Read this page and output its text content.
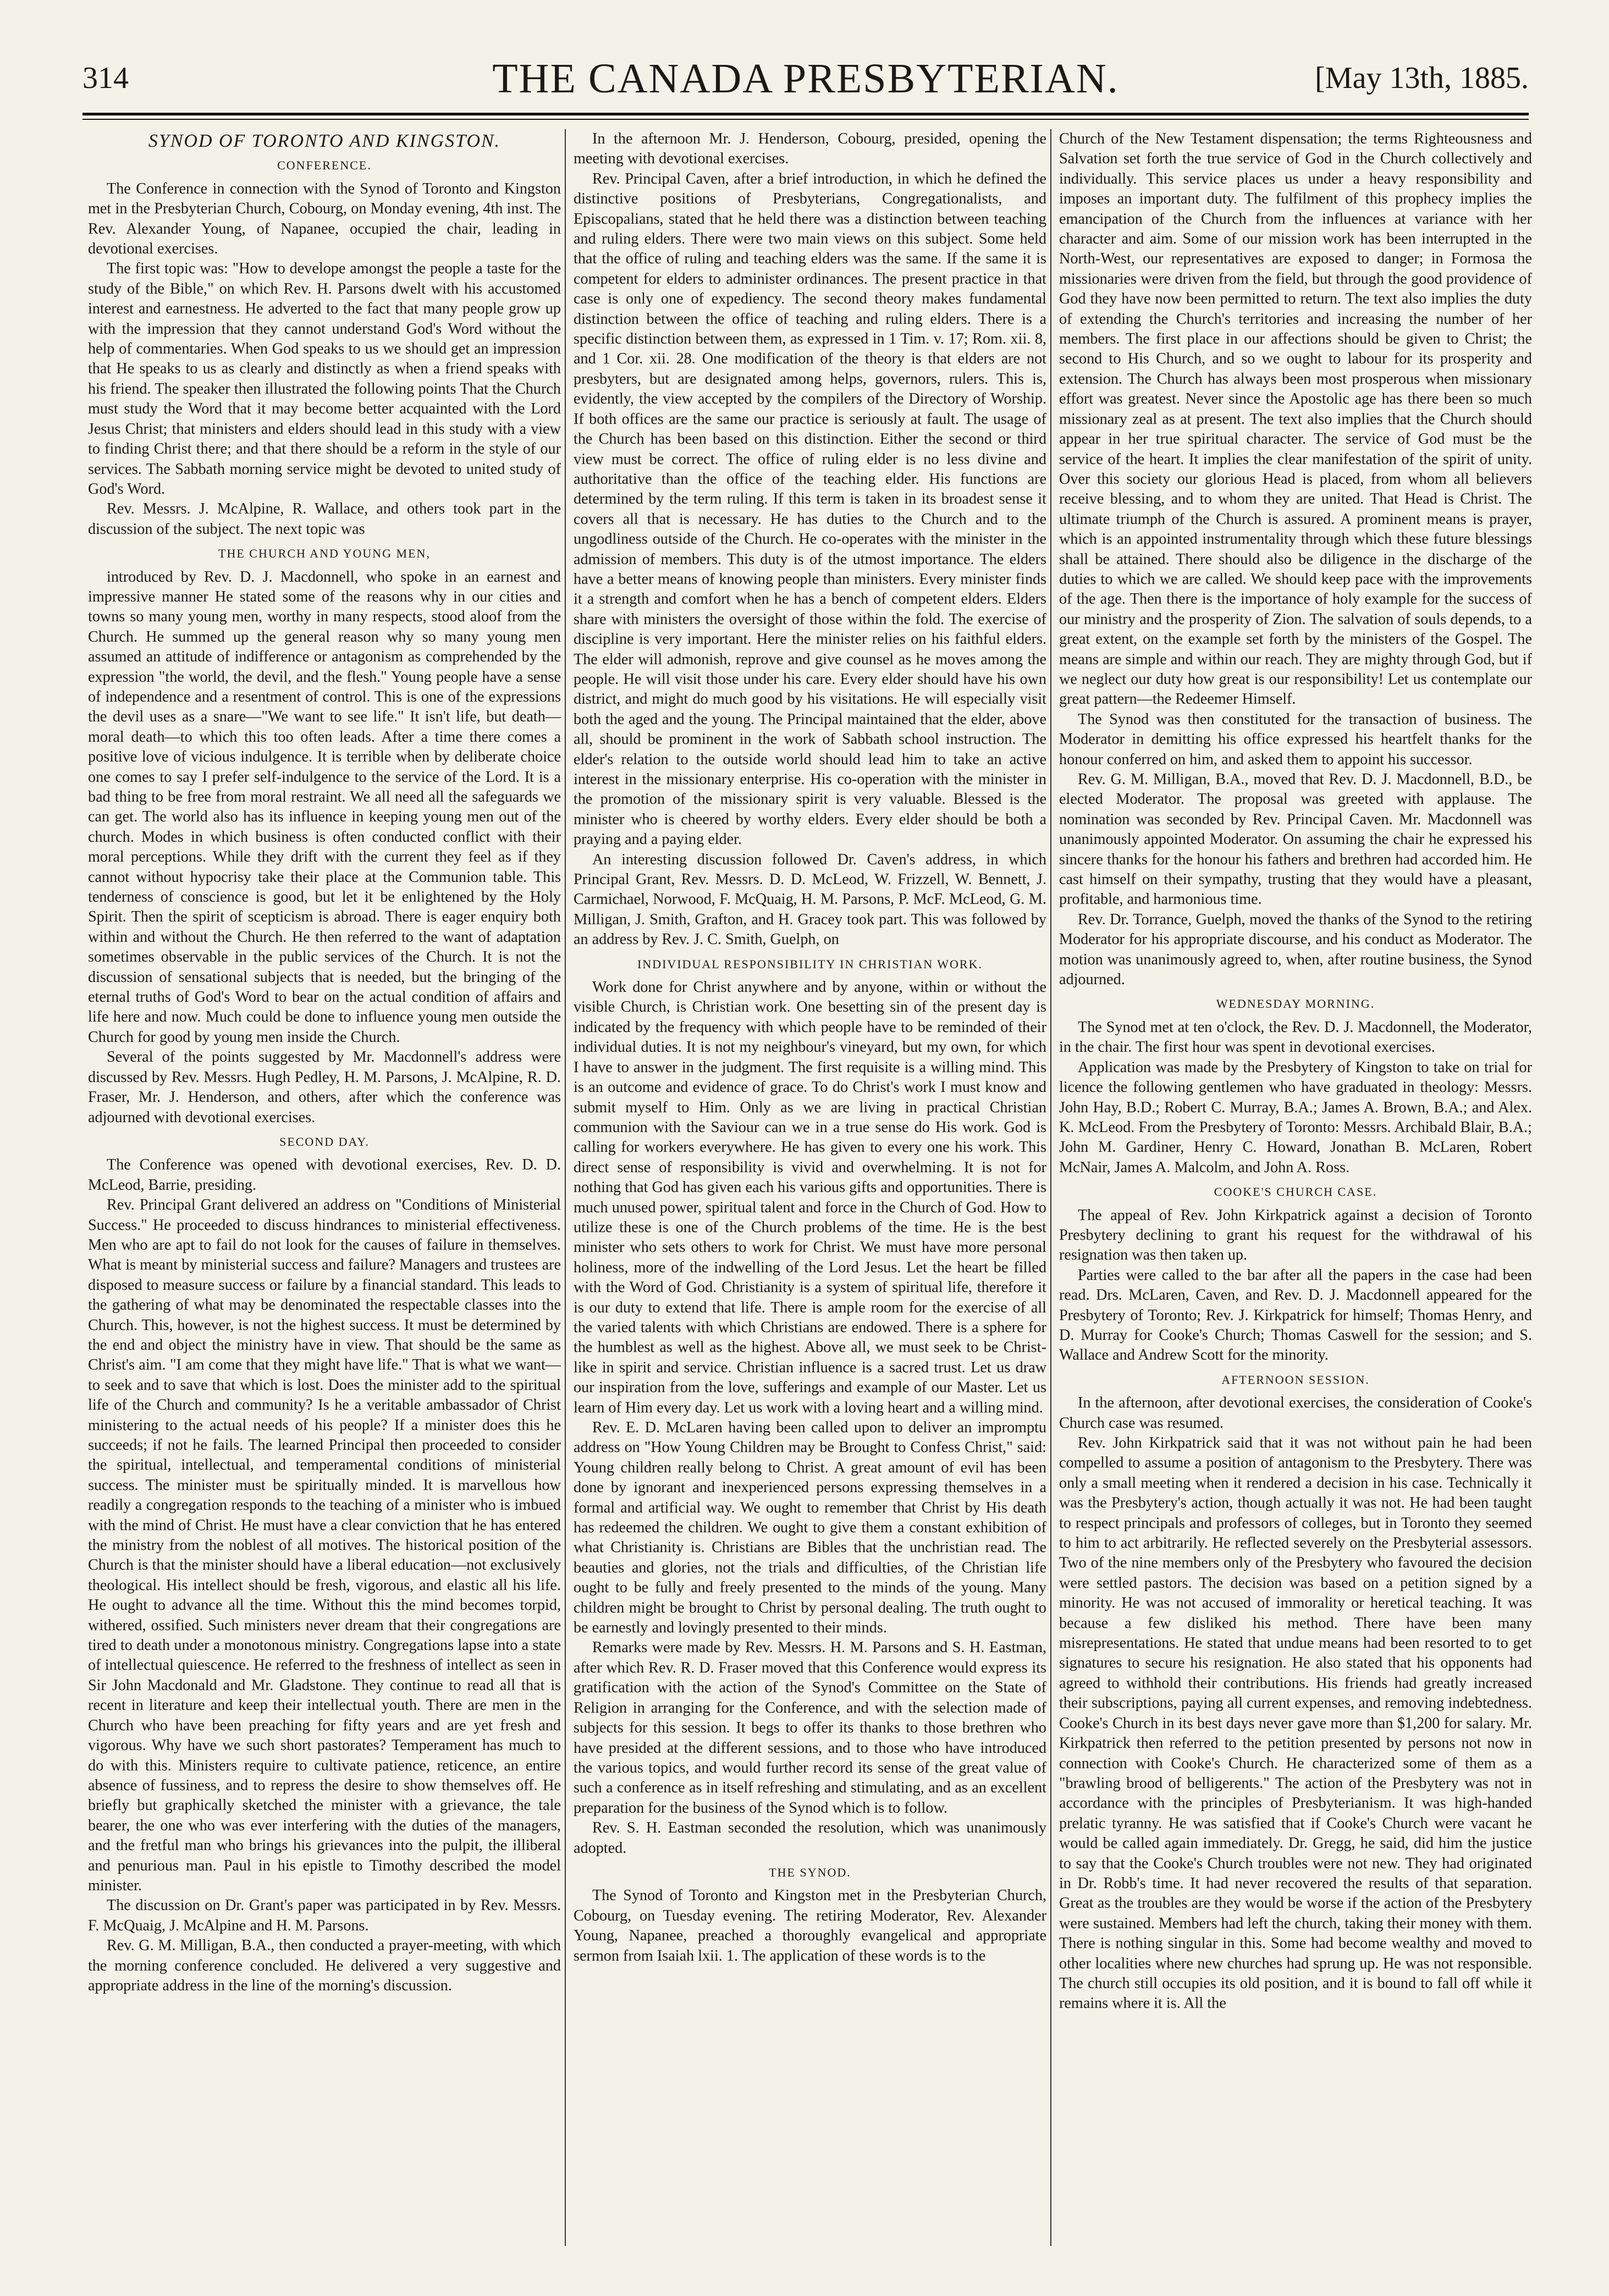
314	THE CANADA PRESBYTERIAN.	[May 13th, 1885.
SYNOD OF TORONTO AND KINGSTON.
CONFERENCE.

The Conference in connection with the Synod of Toronto and Kingston met in the Presbyterian Church, Cobourg, on Monday evening, 4th inst. The Rev. Alexander Young, of Napanee, occupied the chair, leading in devotional exercises.

The first topic was: "How to develope amongst the people a taste for the study of the Bible," on which Rev. H. Parsons dwelt with his accustomed interest and earnestness. He adverted to the fact that many people grow up with the impression that they cannot understand God's Word without the help of commentaries. When God speaks to us we should get an impression that He speaks to us as clearly and distinctly as when a friend speaks with his friend. The speaker then illustrated the following points That the Church must study the Word that it may become better acquainted with the Lord Jesus Christ; that ministers and elders should lead in this study with a view to finding Christ there; and that there should be a reform in the style of our services. The Sabbath morning service might be devoted to united study of God's Word.

Rev. Messrs. J. McAlpine, R. Wallace, and others took part in the discussion of the subject. The next topic was

THE CHURCH AND YOUNG MEN,

introduced by Rev. D. J. Macdonnell, who spoke in an earnest and impressive manner He stated some of the reasons why in our cities and towns so many young men, worthy in many respects, stood aloof from the Church. He summed up the general reason why so many young men assumed an attitude of indifference or antagonism as comprehended by the expression "the world, the devil, and the flesh." Young people have a sense of independence and a resentment of control. This is one of the expressions the devil uses as a snare—"We want to see life." It isn't life, but death—moral death—to which this too often leads. After a time there comes a positive love of vicious indulgence. It is terrible when by deliberate choice one comes to say I prefer self-indulgence to the service of the Lord. It is a bad thing to be free from moral restraint. We all need all the safeguards we can get. The world also has its influence in keeping young men out of the church. Modes in which business is often conducted conflict with their moral perceptions. While they drift with the current they feel as if they cannot without hypocrisy take their place at the Communion table. This tenderness of conscience is good, but let it be enlightened by the Holy Spirit. Then the spirit of scepticism is abroad. There is eager enquiry both within and without the Church. He then referred to the want of adaptation sometimes observable in the public services of the Church. It is not the discussion of sensational subjects that is needed, but the bringing of the eternal truths of God's Word to bear on the actual condition of affairs and life here and now. Much could be done to influence young men outside the Church for good by young men inside the Church.

Several of the points suggested by Mr. Macdonnell's address were discussed by Rev. Messrs. Hugh Pedley, H. M. Parsons, J. McAlpine, R. D. Fraser, Mr. J. Henderson, and others, after which the conference was adjourned with devotional exercises.

SECOND DAY.

The Conference was opened with devotional exercises, Rev. D. D. McLeod, Barrie, presiding.

Rev. Principal Grant delivered an address on "Conditions of Ministerial Success." He proceeded to discuss hindrances to ministerial effectiveness. Men who are apt to fail do not look for the causes of failure in themselves. What is meant by ministerial success and failure? Managers and trustees are disposed to measure success or failure by a financial standard. This leads to the gathering of what may be denominated the respectable classes into the Church. This, however, is not the highest success. It must be determined by the end and object the ministry have in view. That should be the same as Christ's aim. "I am come that they might have life." That is what we want—to seek and to save that which is lost. Does the minister add to the spiritual life of the Church and community? Is he a veritable ambassador of Christ ministering to the actual needs of his people? If a minister does this he succeeds; if not he fails. The learned Principal then proceeded to consider the spiritual, intellectual, and temperamental conditions of ministerial success. The minister must be spiritually minded. It is marvellous how readily a congregation responds to the teaching of a minister who is imbued with the mind of Christ. He must have a clear conviction that he has entered the ministry from the noblest of all motives. The historical position of the Church is that the minister should have a liberal education—not exclusively theological. His intellect should be fresh, vigorous, and elastic all his life. He ought to advance all the time. Without this the mind becomes torpid, withered, ossified. Such ministers never dream that their congregations are tired to death under a monotonous ministry. Congregations lapse into a state of intellectual quiescence. He referred to the freshness of intellect as seen in Sir John Macdonald and Mr. Gladstone. They continue to read all that is recent in literature and keep their intellectual youth. There are men in the Church who have been preaching for fifty years and are yet fresh and vigorous. Why have we such short pastorates? Temperament has much to do with this. Ministers require to cultivate patience, reticence, an entire absence of fussiness, and to repress the desire to show themselves off. He briefly but graphically sketched the minister with a grievance, the tale bearer, the one who was ever interfering with the duties of the managers, and the fretful man who brings his grievances into the pulpit, the illiberal and penurious man. Paul in his epistle to Timothy described the model minister.

The discussion on Dr. Grant's paper was participated in by Rev. Messrs. F. McQuaig, J. McAlpine and H. M. Parsons.

Rev. G. M. Milligan, B.A., then conducted a prayer-meeting, with which the morning conference concluded. He delivered a very suggestive and appropriate address in the line of the morning's discussion.

In the afternoon Mr. J. Henderson, Cobourg, presided, opening the meeting with devotional exercises.

Rev. Principal Caven, after a brief introduction, in which he defined the distinctive positions of Presbyterians, Congregationalists, and Episcopalians, stated that he held there was a distinction between teaching and ruling elders. There were two main views on this subject. Some held that the office of ruling and teaching elders was the same. If the same it is competent for elders to administer ordinances. The present practice in that case is only one of expediency. The second theory makes fundamental distinction between the office of teaching and ruling elders. There is a specific distinction between them, as expressed in 1 Tim. v. 17; Rom. xii. 8, and 1 Cor. xii. 28. One modification of the theory is that elders are not presbyters, but are designated among helps, governors, rulers. This is, evidently, the view accepted by the compilers of the Directory of Worship. If both offices are the same our practice is seriously at fault. The usage of the Church has been based on this distinction. Either the second or third view must be correct. The office of ruling elder is no less divine and authoritative than the office of the teaching elder. His functions are determined by the term ruling. If this term is taken in its broadest sense it covers all that is necessary. He has duties to the Church and to the ungodliness outside of the Church. He co-operates with the minister in the admission of members. This duty is of the utmost importance. The elders have a better means of knowing people than ministers. Every minister finds it a strength and comfort when he has a bench of competent elders. Elders share with ministers the oversight of those within the fold. The exercise of discipline is very important. Here the minister relies on his faithful elders. The elder will admonish, reprove and give counsel as he moves among the people. He will visit those under his care. Every elder should have his own district, and might do much good by his visitations. He will especially visit both the aged and the young. The Principal maintained that the elder, above all, should be prominent in the work of Sabbath school instruction. The elder's relation to the outside world should lead him to take an active interest in the missionary enterprise. His co-operation with the minister in the promotion of the missionary spirit is very valuable. Blessed is the minister who is cheered by worthy elders. Every elder should be both a praying and a paying elder.

An interesting discussion followed Dr. Caven's address, in which Principal Grant, Rev. Messrs. D. D. McLeod, W. Frizzell, W. Bennett, J. Carmichael, Norwood, F. McQuaig, H. M. Parsons, P. McF. McLeod, G. M. Milligan, J. Smith, Grafton, and H. Gracey took part. This was followed by an address by Rev. J. C. Smith, Guelph, on

INDIVIDUAL RESPONSIBILITY IN CHRISTIAN WORK.

Work done for Christ anywhere and by anyone, within or without the visible Church, is Christian work. One besetting sin of the present day is indicated by the frequency with which people have to be reminded of their individual duties. It is not my neighbour's vineyard, but my own, for which I have to answer in the judgment. The first requisite is a willing mind. This is an outcome and evidence of grace. To do Christ's work I must know and submit myself to Him. Only as we are living in practical Christian communion with the Saviour can we in a true sense do His work. God is calling for workers everywhere. He has given to every one his work. This direct sense of responsibility is vivid and overwhelming. It is not for nothing that God has given each his various gifts and opportunities. There is much unused power, spiritual talent and force in the Church of God. How to utilize these is one of the Church problems of the time. He is the best minister who sets others to work for Christ. We must have more personal holiness, more of the indwelling of the Lord Jesus. Let the heart be filled with the Word of God. Christianity is a system of spiritual life, therefore it is our duty to extend that life. There is ample room for the exercise of all the varied talents with which Christians are endowed. There is a sphere for the humblest as well as the highest. Above all, we must seek to be Christ-like in spirit and service. Christian influence is a sacred trust. Let us draw our inspiration from the love, sufferings and example of our Master. Let us learn of Him every day. Let us work with a loving heart and a willing mind.

Rev. E. D. McLaren having been called upon to deliver an impromptu address on "How Young Children may be Brought to Confess Christ," said: Young children really belong to Christ. A great amount of evil has been done by ignorant and inexperienced persons expressing themselves in a formal and artificial way. We ought to remember that Christ by His death has redeemed the children. We ought to give them a constant exhibition of what Christianity is. Christians are Bibles that the unchristian read. The beauties and glories, not the trials and difficulties, of the Christian life ought to be fully and freely presented to the minds of the young. Many children might be brought to Christ by personal dealing. The truth ought to be earnestly and lovingly presented to their minds.

Remarks were made by Rev. Messrs. H. M. Parsons and S. H. Eastman, after which Rev. R. D. Fraser moved that this Conference would express its gratification with the action of the Synod's Committee on the State of Religion in arranging for the Conference, and with the selection made of subjects for this session. It begs to offer its thanks to those brethren who have presided at the different sessions, and to those who have introduced the various topics, and would further record its sense of the great value of such a conference as in itself refreshing and stimulating, and as an excellent preparation for the business of the Synod which is to follow.

Rev. S. H. Eastman seconded the resolution, which was unanimously adopted.

THE SYNOD.

The Synod of Toronto and Kingston met in the Presbyterian Church, Cobourg, on Tuesday evening. The retiring Moderator, Rev. Alexander Young, Napanee, preached a thoroughly evangelical and appropriate sermon from Isaiah lxii. 1. The application of these words is to the

Church of the New Testament dispensation; the terms Righteousness and Salvation set forth the true service of God in the Church collectively and individually. This service places us under a heavy responsibility and imposes an important duty. The fulfilment of this prophecy implies the emancipation of the Church from the influences at variance with her character and aim. Some of our mission work has been interrupted in the North-West, our representatives are exposed to danger; in Formosa the missionaries were driven from the field, but through the good providence of God they have now been permitted to return. The text also implies the duty of extending the Church's territories and increasing the number of her members. The first place in our affections should be given to Christ; the second to His Church, and so we ought to labour for its prosperity and extension. The Church has always been most prosperous when missionary effort was greatest. Never since the Apostolic age has there been so much missionary zeal as at present. The text also implies that the Church should appear in her true spiritual character. The service of God must be the service of the heart. It implies the clear manifestation of the spirit of unity. Over this society our glorious Head is placed, from whom all believers receive blessing, and to whom they are united. That Head is Christ. The ultimate triumph of the Church is assured. A prominent means is prayer, which is an appointed instrumentality through which these future blessings shall be attained. There should also be diligence in the discharge of the duties to which we are called. We should keep pace with the improvements of the age. Then there is the importance of holy example for the success of our ministry and the prosperity of Zion. The salvation of souls depends, to a great extent, on the example set forth by the ministers of the Gospel. The means are simple and within our reach. They are mighty through God, but if we neglect our duty how great is our responsibility! Let us contemplate our great pattern—the Redeemer Himself.

The Synod was then constituted for the transaction of business. The Moderator in demitting his office expressed his heartfelt thanks for the honour conferred on him, and asked them to appoint his successor.

Rev. G. M. Milligan, B.A., moved that Rev. D. J. Macdonnell, B.D., be elected Moderator. The proposal was greeted with applause. The nomination was seconded by Rev. Principal Caven. Mr. Macdonnell was unanimously appointed Moderator. On assuming the chair he expressed his sincere thanks for the honour his fathers and brethren had accorded him. He cast himself on their sympathy, trusting that they would have a pleasant, profitable, and harmonious time.

Rev. Dr. Torrance, Guelph, moved the thanks of the Synod to the retiring Moderator for his appropriate discourse, and his conduct as Moderator. The motion was unanimously agreed to, when, after routine business, the Synod adjourned.

WEDNESDAY MORNING.

The Synod met at ten o'clock, the Rev. D. J. Macdonnell, the Moderator, in the chair. The first hour was spent in devotional exercises.

Application was made by the Presbytery of Kingston to take on trial for licence the following gentlemen who have graduated in theology: Messrs. John Hay, B.D.; Robert C. Murray, B.A.; James A. Brown, B.A.; and Alex. K. McLeod. From the Presbytery of Toronto: Messrs. Archibald Blair, B.A.; John M. Gardiner, Henry C. Howard, Jonathan B. McLaren, Robert McNair, James A. Malcolm, and John A. Ross.

COOKE'S CHURCH CASE.

The appeal of Rev. John Kirkpatrick against a decision of Toronto Presbytery declining to grant his request for the withdrawal of his resignation was then taken up.

Parties were called to the bar after all the papers in the case had been read. Drs. McLaren, Caven, and Rev. D. J. Macdonnell appeared for the Presbytery of Toronto; Rev. J. Kirkpatrick for himself; Thomas Henry, and D. Murray for Cooke's Church; Thomas Caswell for the session; and S. Wallace and Andrew Scott for the minority.

AFTERNOON SESSION.

In the afternoon, after devotional exercises, the consideration of Cooke's Church case was resumed.

Rev. John Kirkpatrick said that it was not without pain he had been compelled to assume a position of antagonism to the Presbytery. There was only a small meeting when it rendered a decision in his case. Technically it was the Presbytery's action, though actually it was not. He had been taught to respect principals and professors of colleges, but in Toronto they seemed to him to act arbitrarily. He reflected severely on the Presbyterial assessors. Two of the nine members only of the Presbytery who favoured the decision were settled pastors. The decision was based on a petition signed by a minority. He was not accused of immorality or heretical teaching. It was because a few disliked his method. There have been many misrepresentations. He stated that undue means had been resorted to to get signatures to secure his resignation. He also stated that his opponents had agreed to withhold their contributions. His friends had greatly increased their subscriptions, paying all current expenses, and removing indebtedness. Cooke's Church in its best days never gave more than $1,200 for salary. Mr. Kirkpatrick then referred to the petition presented by persons not now in connection with Cooke's Church. He characterized some of them as a "brawling brood of belligerents." The action of the Presbytery was not in accordance with the principles of Presbyterianism. It was high-handed prelatic tyranny. He was satisfied that if Cooke's Church were vacant he would be called again immediately. Dr. Gregg, he said, did him the justice to say that the Cooke's Church troubles were not new. They had originated in Dr. Robb's time. It had never recovered the results of that separation. Great as the troubles are they would be worse if the action of the Presbytery were sustained. Members had left the church, taking their money with them. There is nothing singular in this. Some had become wealthy and moved to other localities where new churches had sprung up. He was not responsible. The church still occupies its old position, and it is bound to fall off while it remains where it is. All the
